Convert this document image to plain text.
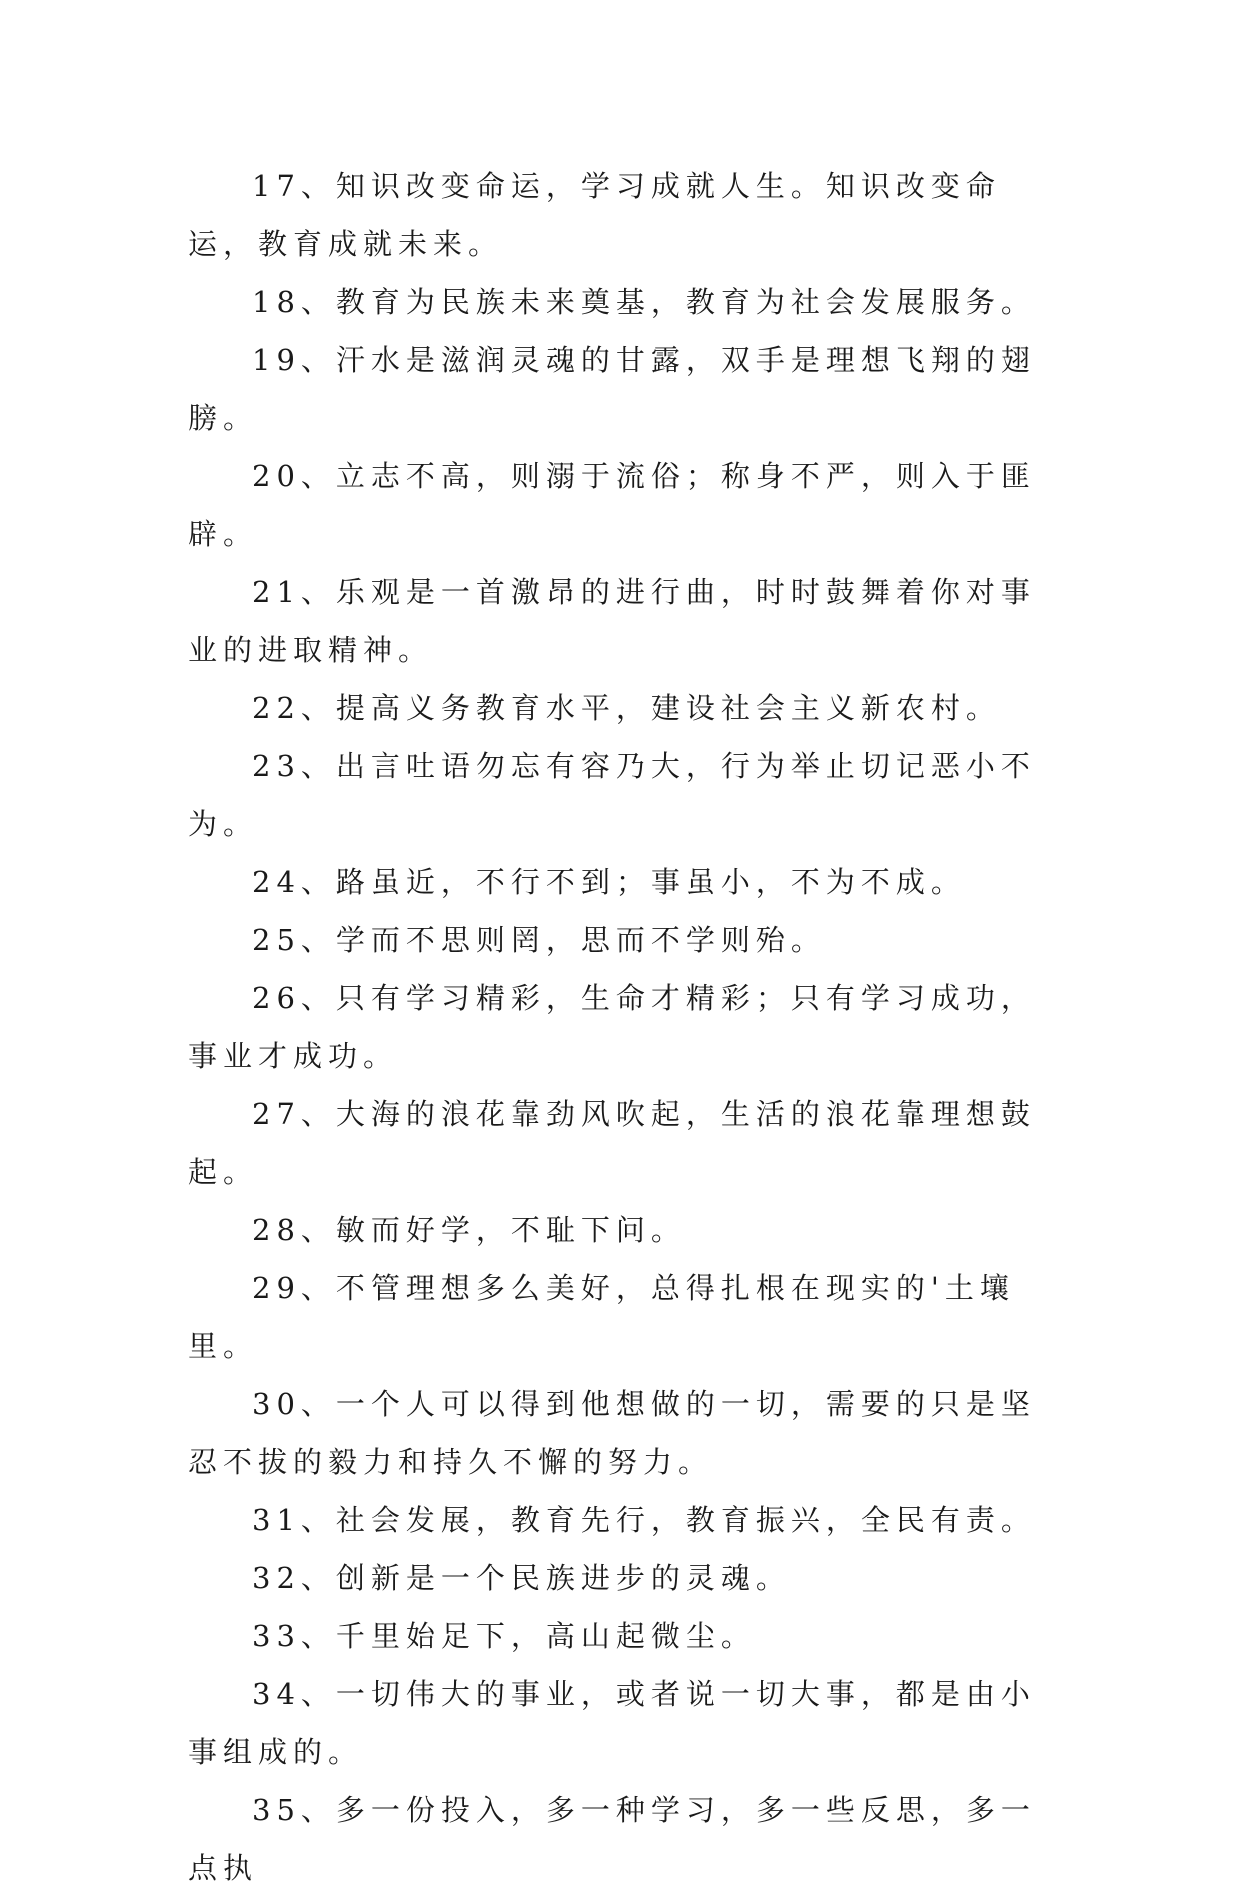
17、知识改变命运，学习成就人生。知识改变命运，教育成就未来。

18、教育为民族未来奠基，教育为社会发展服务。

19、汗水是滋润灵魂的甘露，双手是理想飞翔的翅膀。

20、立志不高，则溺于流俗；称身不严，则入于匪辟。

21、乐观是一首激昂的进行曲，时时鼓舞着你对事业的进取精神。

22、提高义务教育水平，建设社会主义新农村。

23、出言吐语勿忘有容乃大，行为举止切记恶小不为。

24、路虽近，不行不到；事虽小，不为不成。

25、学而不思则罔，思而不学则殆。

26、只有学习精彩，生命才精彩；只有学习成功，事业才成功。

27、大海的浪花靠劲风吹起，生活的浪花靠理想鼓起。

28、敏而好学，不耻下问。

29、不管理想多么美好，总得扎根在现实的'土壤里。

30、一个人可以得到他想做的一切，需要的只是坚忍不拔的毅力和持久不懈的努力。

31、社会发展，教育先行，教育振兴，全民有责。

32、创新是一个民族进步的灵魂。

33、千里始足下，高山起微尘。

34、一切伟大的事业，或者说一切大事，都是由小事组成的。

35、多一份投入，多一种学习，多一些反思，多一点执
